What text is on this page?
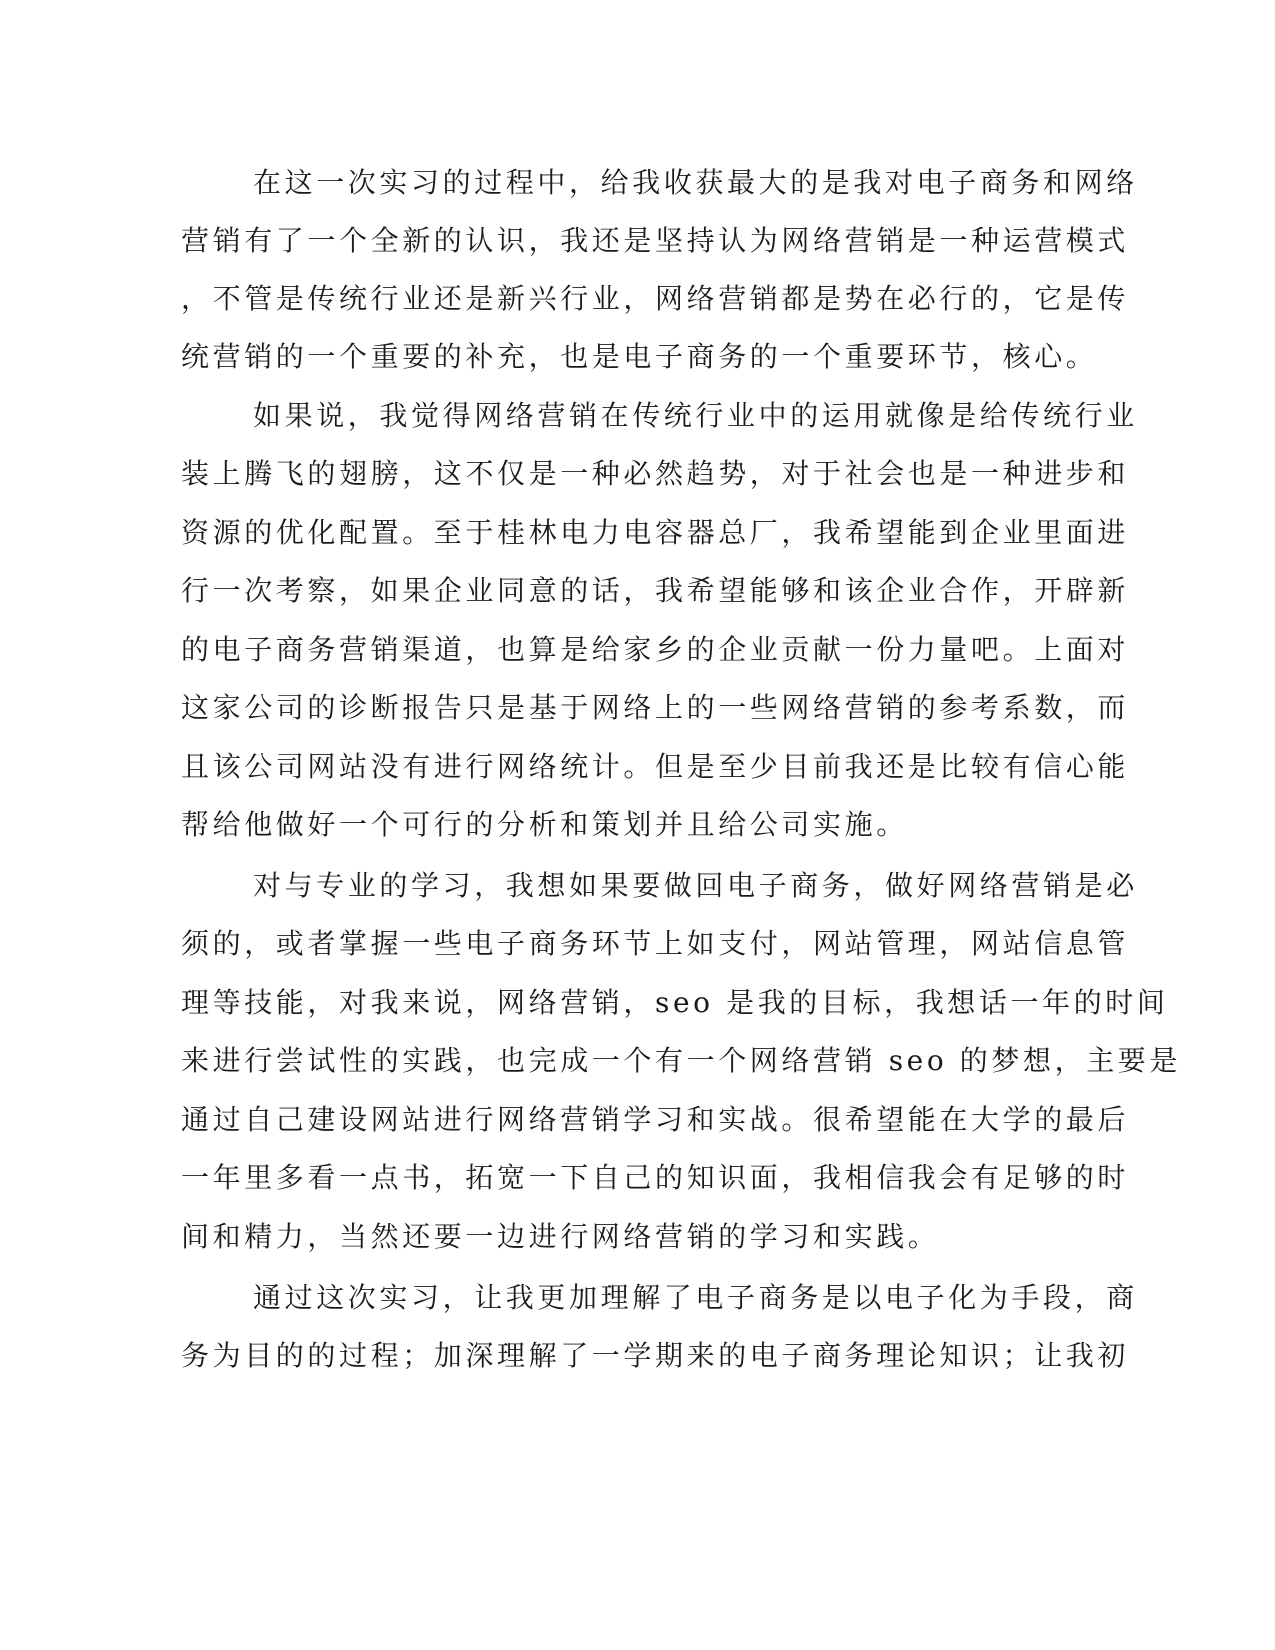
在这一次实习的过程中，给我收获最大的是我对电子商务和网络
营销有了一个全新的认识，我还是坚持认为网络营销是一种运营模式
，不管是传统行业还是新兴行业，网络营销都是势在必行的，它是传
统营销的一个重要的补充，也是电子商务的一个重要环节，核心。
如果说，我觉得网络营销在传统行业中的运用就像是给传统行业
装上腾飞的翅膀，这不仅是一种必然趋势，对于社会也是一种进步和
资源的优化配置。至于桂林电力电容器总厂，我希望能到企业里面进
行一次考察，如果企业同意的话，我希望能够和该企业合作，开辟新
的电子商务营销渠道，也算是给家乡的企业贡献一份力量吧。上面对
这家公司的诊断报告只是基于网络上的一些网络营销的参考系数，而
且该公司网站没有进行网络统计。但是至少目前我还是比较有信心能
帮给他做好一个可行的分析和策划并且给公司实施。
对与专业的学习，我想如果要做回电子商务，做好网络营销是必
须的，或者掌握一些电子商务环节上如支付，网站管理，网站信息管
理等技能，对我来说，网络营销，seo 是我的目标，我想话一年的时间
来进行尝试性的实践，也完成一个有一个网络营销 seo 的梦想，主要是
通过自己建设网站进行网络营销学习和实战。很希望能在大学的最后
一年里多看一点书，拓宽一下自己的知识面，我相信我会有足够的时
间和精力，当然还要一边进行网络营销的学习和实践。
通过这次实习，让我更加理解了电子商务是以电子化为手段，商
务为目的的过程；加深理解了一学期来的电子商务理论知识；让我初
